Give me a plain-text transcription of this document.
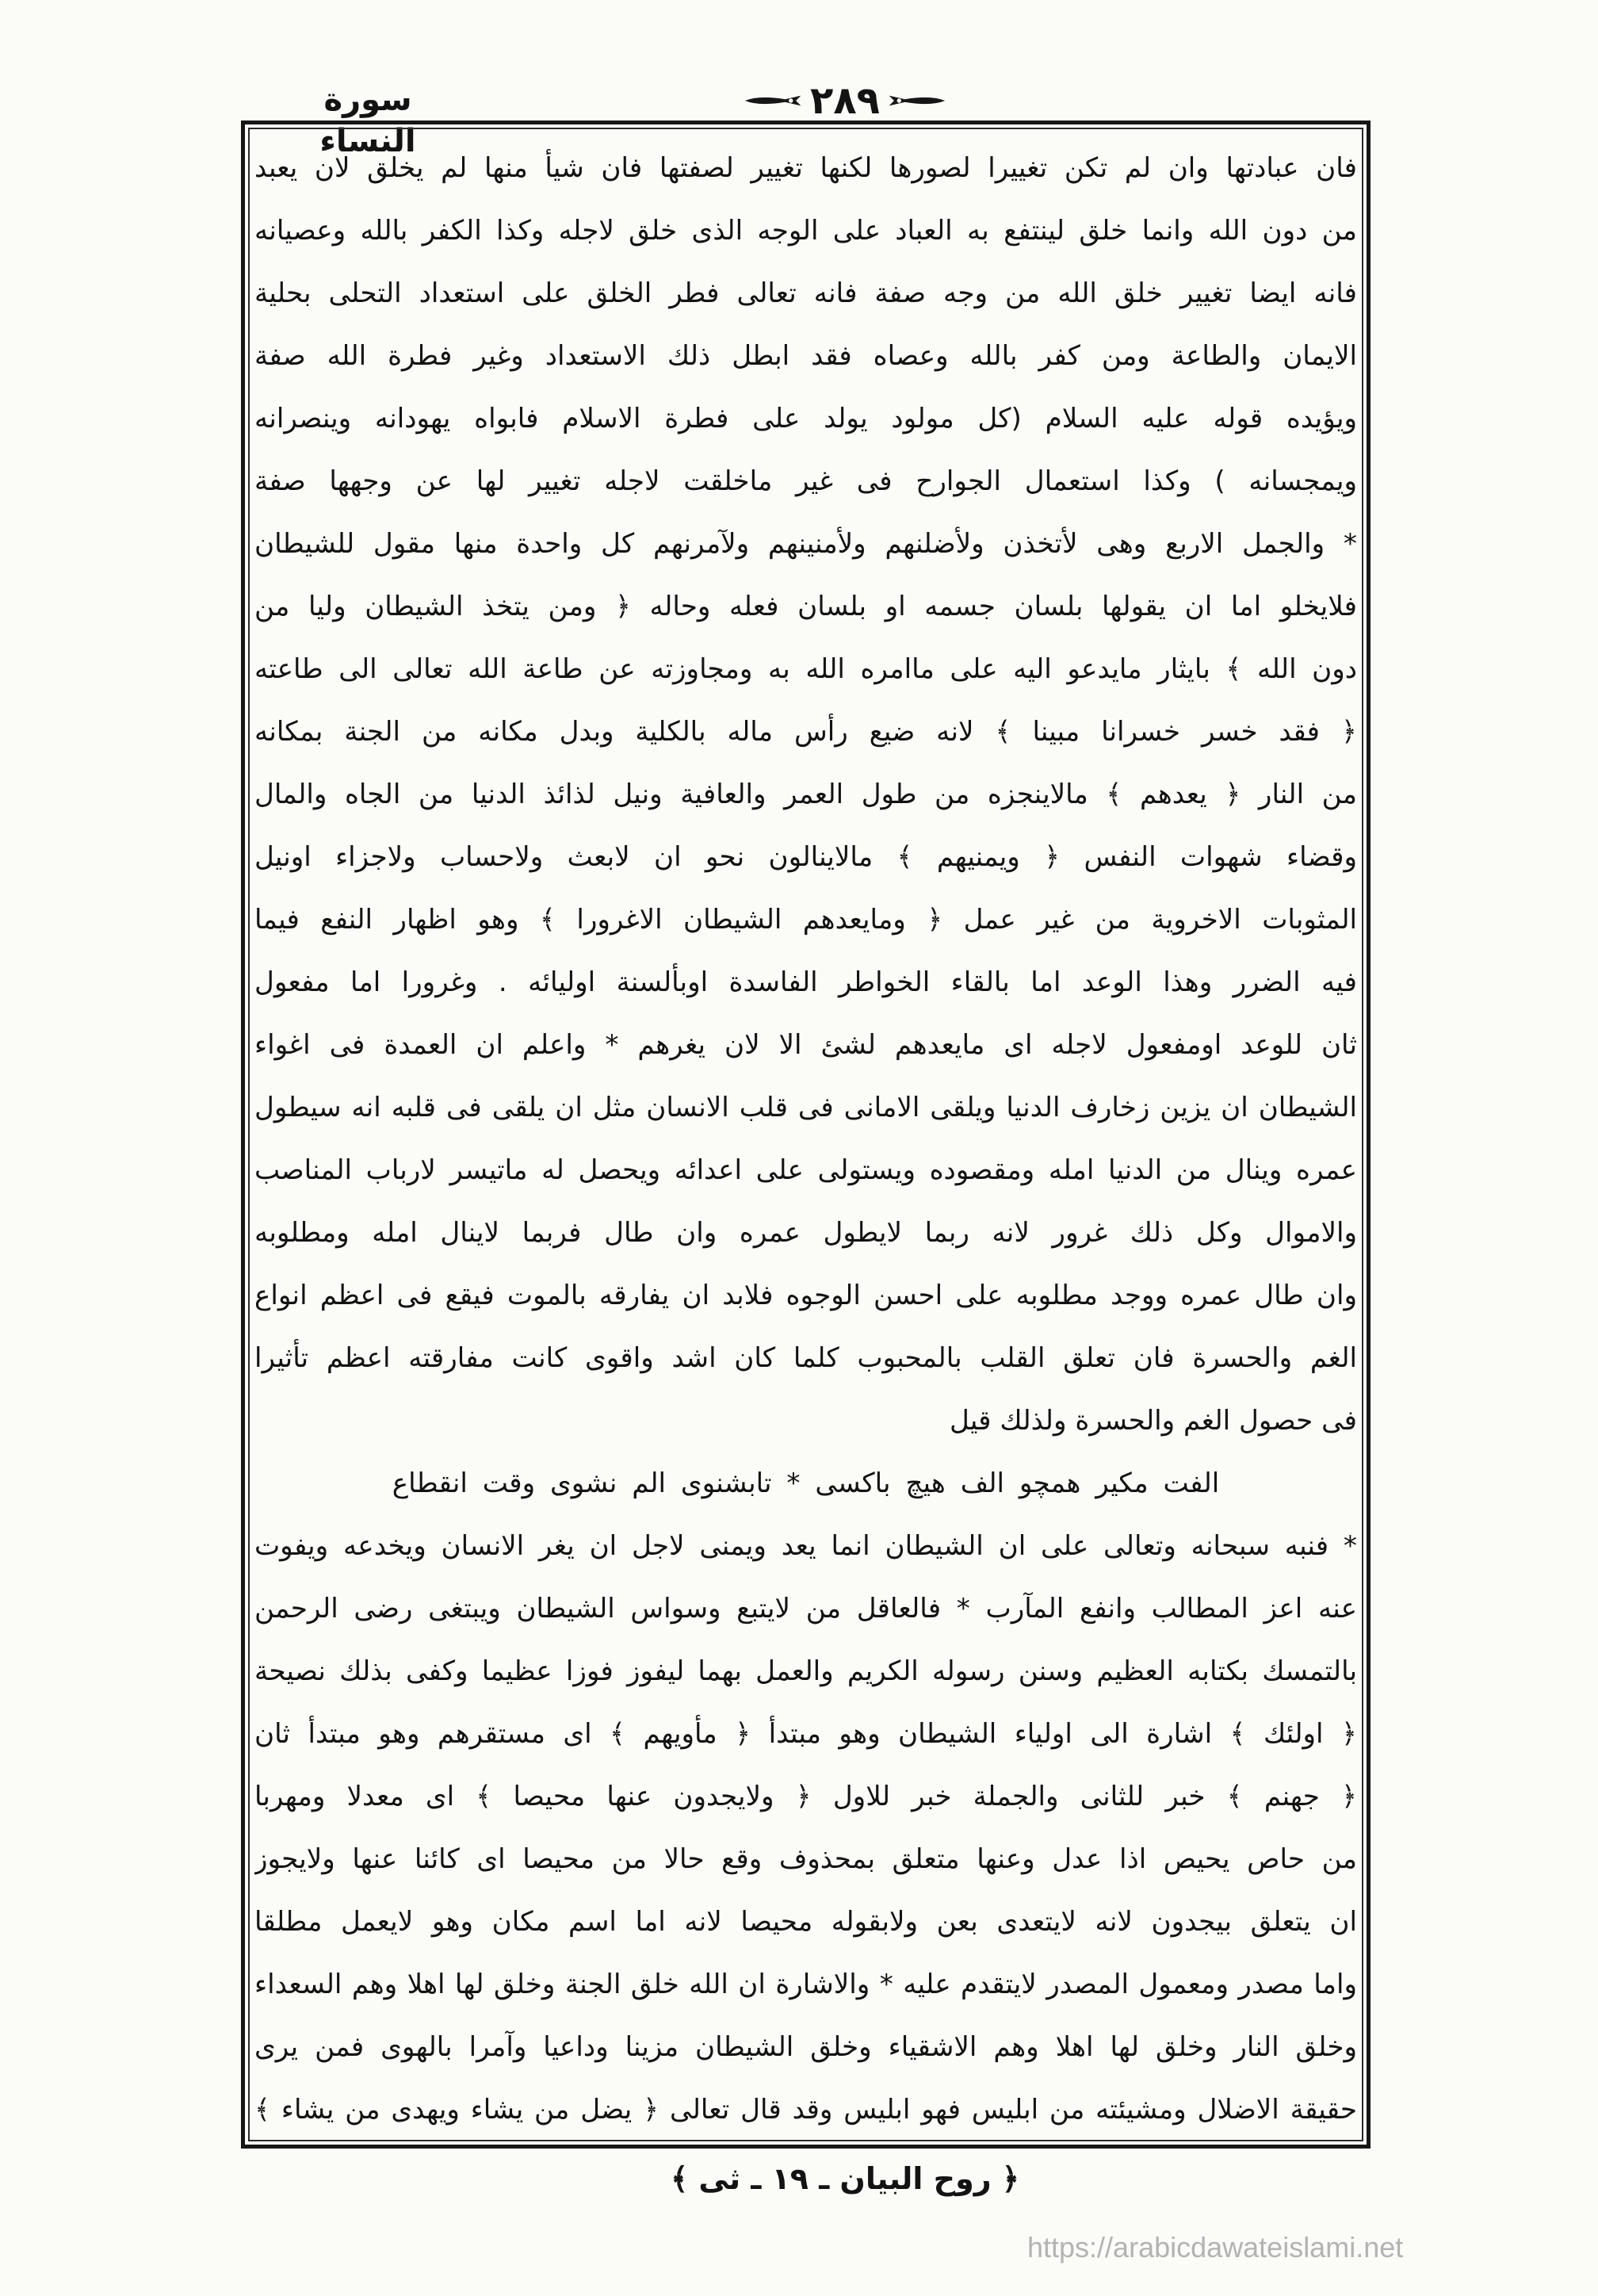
سورة النساء
٢٨٩
فان عبادتها وان لم تكن تغييرا لصورها لكنها تغيير لصفتها فان شيأ منها لم يخلق لان يعبد
من دون الله وانما خلق لينتفع به العباد على الوجه الذى خلق لاجله وكذا الكفر بالله وعصيانه
فانه ايضا تغيير خلق الله من وجه صفة فانه تعالى فطر الخلق على استعداد التحلى بحلية
الايمان والطاعة ومن كفر بالله وعصاه فقد ابطل ذلك الاستعداد وغير فطرة الله صفة
ويؤيده قوله عليه السلام (كل مولود يولد على فطرة الاسلام فابواه يهودانه وينصرانه
ويمجسانه ) وكذا استعمال الجوارح فى غير ماخلقت لاجله تغيير لها عن وجهها صفة
* والجمل الاربع وهى لأتخذن ولأضلنهم ولأمنينهم ولآمرنهم كل واحدة منها مقول للشيطان
فلايخلو اما ان يقولها بلسان جسمه او بلسان فعله وحاله ﴿ ومن يتخذ الشيطان وليا من
دون الله ﴾ بايثار مايدعو اليه على ماامره الله به ومجاوزته عن طاعة الله تعالى الى طاعته
﴿ فقد خسر خسرانا مبينا ﴾ لانه ضيع رأس ماله بالكلية وبدل مكانه من الجنة بمكانه
من النار ﴿ يعدهم ﴾ مالاينجزه من طول العمر والعافية ونيل لذائذ الدنيا من الجاه والمال
وقضاء شهوات النفس ﴿ ويمنيهم ﴾ مالاينالون نحو ان لابعث ولاحساب ولاجزاء اونيل
المثوبات الاخروية من غير عمل ﴿ ومايعدهم الشيطان الاغرورا ﴾ وهو اظهار النفع فيما
فيه الضرر وهذا الوعد اما بالقاء الخواطر الفاسدة اوبألسنة اوليائه . وغرورا اما مفعول
ثان للوعد اومفعول لاجله اى مايعدهم لشئ الا لان يغرهم * واعلم ان العمدة فى اغواء
الشيطان ان يزين زخارف الدنيا ويلقى الامانى فى قلب الانسان مثل ان يلقى فى قلبه انه سيطول
عمره وينال من الدنيا امله ومقصوده ويستولى على اعدائه ويحصل له ماتيسر لارباب المناصب
والاموال وكل ذلك غرور لانه ربما لايطول عمره وان طال فربما لاينال امله ومطلوبه
وان طال عمره ووجد مطلوبه على احسن الوجوه فلابد ان يفارقه بالموت فيقع فى اعظم انواع
الغم والحسرة فان تعلق القلب بالمحبوب كلما كان اشد واقوى كانت مفارقته اعظم تأثيرا
فى حصول الغم والحسرة ولذلك قيل
الفت مكير همچو الف هيچ باكسى * تابشنوى الم نشوى وقت انقطاع
* فنبه سبحانه وتعالى على ان الشيطان انما يعد ويمنى لاجل ان يغر الانسان ويخدعه ويفوت
عنه اعز المطالب وانفع المآرب * فالعاقل من لايتبع وسواس الشيطان ويبتغى رضى الرحمن
بالتمسك بكتابه العظيم وسنن رسوله الكريم والعمل بهما ليفوز فوزا عظيما وكفى بذلك نصيحة
﴿ اولئك ﴾ اشارة الى اولياء الشيطان وهو مبتدأ ﴿ مأويهم ﴾ اى مستقرهم وهو مبتدأ ثان
﴿ جهنم ﴾ خبر للثانى والجملة خبر للاول ﴿ ولايجدون عنها محيصا ﴾ اى معدلا ومهربا
من حاص يحيص اذا عدل وعنها متعلق بمحذوف وقع حالا من محيصا اى كائنا عنها ولايجوز
ان يتعلق بيجدون لانه لايتعدى بعن ولابقوله محيصا لانه اما اسم مكان وهو لايعمل مطلقا
واما مصدر ومعمول المصدر لايتقدم عليه * والاشارة ان الله خلق الجنة وخلق لها اهلا وهم السعداء
وخلق النار وخلق لها اهلا وهم الاشقياء وخلق الشيطان مزينا وداعيا وآمرا بالهوى فمن يرى
حقيقة الاضلال ومشيئته من ابليس فهو ابليس وقد قال تعالى ﴿ يضل من يشاء ويهدى من يشاء ﴾
﴿ روح البيان ـ ١٩ ـ ثى ﴾
https://arabicdawateislami.net
